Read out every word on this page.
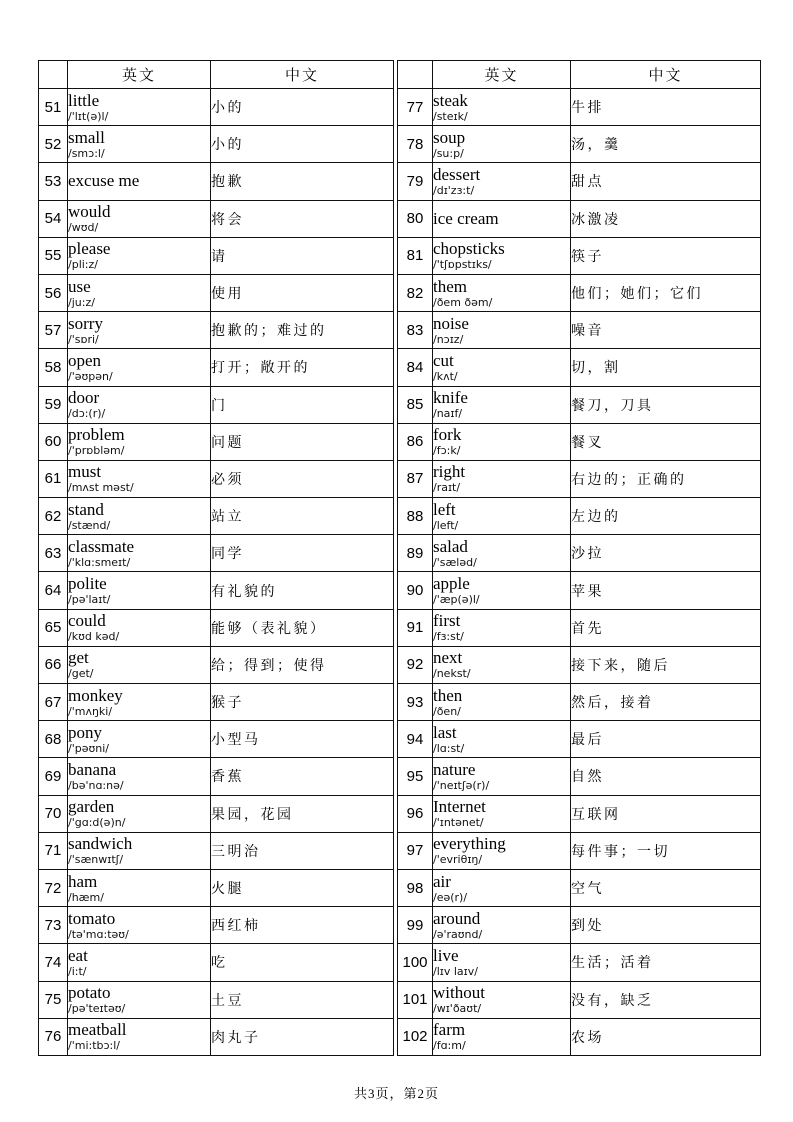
	英文	中文
51	little
/'lɪt(ə)l/	小的
52	small
/smɔ:l/	小的
53	excuse me	抱歉
54	would
/wʊd/	将会
55	please
/pli:z/	请
56	use
/ju:z/	使用
57	sorry
/'sɒri/	抱歉的；难过的
58	open
/'əʊpən/	打开；敞开的
59	door
/dɔ:(r)/	门
60	problem
/'prɒbləm/	问题
61	must
/mʌst məst/	必须
62	stand
/stænd/	站立
63	classmate
/'klɑ:smeɪt/	同学
64	polite
/pə'laɪt/	有礼貌的
65	could
/kʊd kəd/	能够（表礼貌）
66	get
/get/	给；得到；使得
67	monkey
/'mʌŋki/	猴子
68	pony
/'pəʊni/	小型马
69	banana
/bə'nɑ:nə/	香蕉
70	garden
/'gɑ:d(ə)n/	果园，花园
71	sandwich
/'sænwɪtʃ/	三明治
72	ham
/hæm/	火腿
73	tomato
/tə'mɑ:təʊ/	西红柿
74	eat
/i:t/	吃
75	potato
/pə'teɪtəʊ/	土豆
76	meatball
/'mi:tbɔ:l/	肉丸子
	英文	中文
77	steak
/steɪk/	牛排
78	soup
/su:p/	汤，羹
79	dessert
/dɪ'zɜ:t/	甜点
80	ice cream	冰激凌
81	chopsticks
/'tʃɒpstɪks/	筷子
82	them
/ðem ðəm/	他们；她们；它们
83	noise
/nɔɪz/	噪音
84	cut
/kʌt/	切，割
85	knife
/naɪf/	餐刀，刀具
86	fork
/fɔ:k/	餐叉
87	right
/raɪt/	右边的；正确的
88	left
/left/	左边的
89	salad
/'sæləd/	沙拉
90	apple
/'æp(ə)l/	苹果
91	first
/fɜ:st/	首先
92	next
/nekst/	接下来，随后
93	then
/ðen/	然后，接着
94	last
/lɑ:st/	最后
95	nature
/'neɪtʃə(r)/	自然
96	Internet
/'ɪntənet/	互联网
97	everything
/'evriθɪŋ/	每件事；一切
98	air
/eə(r)/	空气
99	around
/ə'raʊnd/	到处
100	live
/lɪv laɪv/	生活；活着
101	without
/wɪ'ðaʊt/	没有，缺乏
102	farm
/fɑ:m/	农场
共3页，第2页
